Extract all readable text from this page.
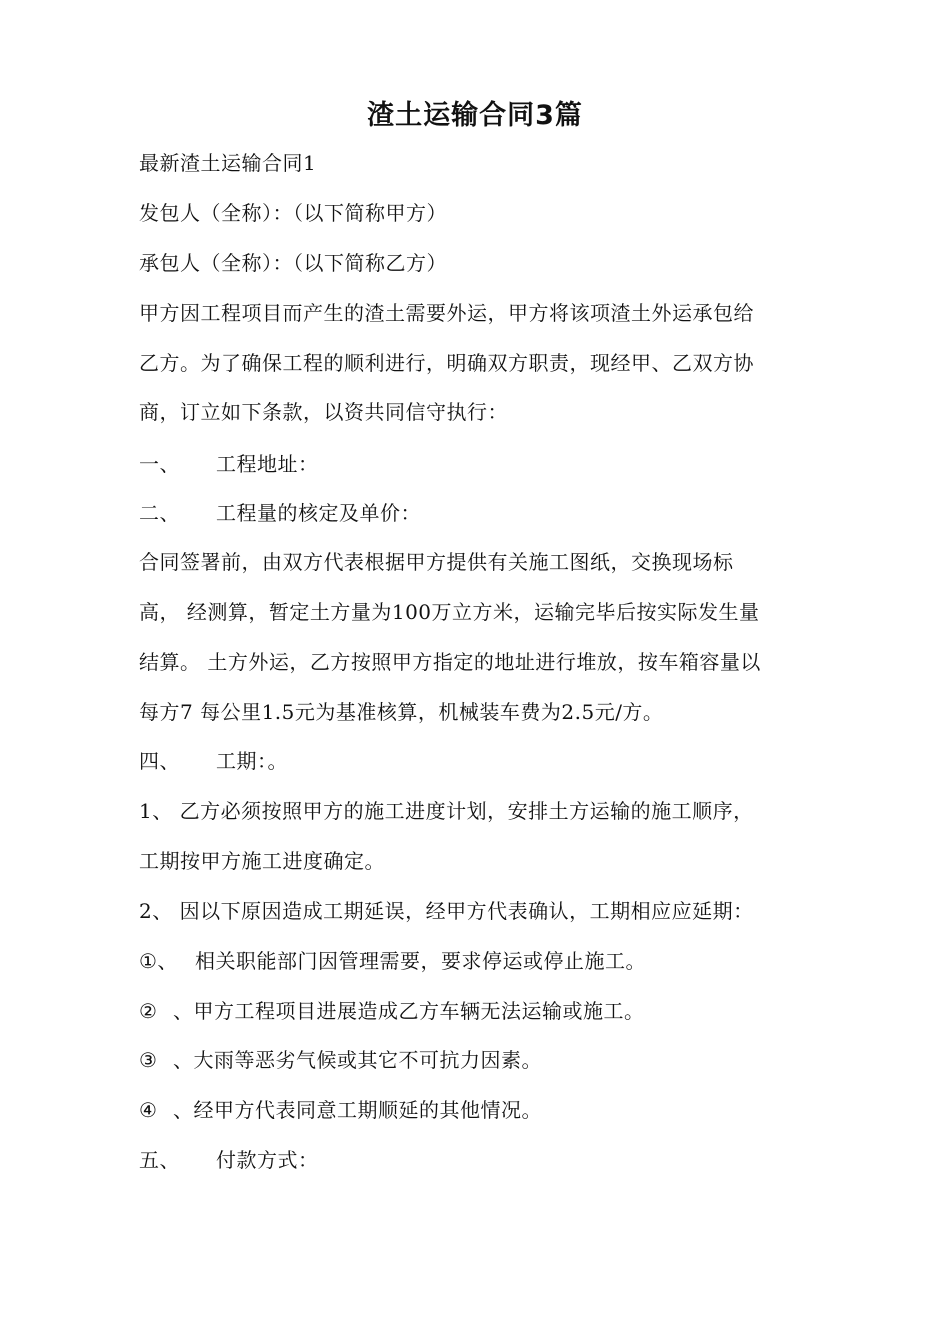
渣土运输合同3篇
最新渣土运输合同1
发包人（全称）：（以下简称甲方）
承包人（全称）：（以下简称乙方）
甲方因工程项目而产生的渣土需要外运，甲方将该项渣土外运承包给
乙方。为了确保工程的顺利进行，明确双方职责，现经甲、乙双方协
商，订立如下条款，以资共同信守执行：
一、 工程地址：
二、 工程量的核定及单价：
合同签署前，由双方代表根据甲方提供有关施工图纸，交换现场标
高， 经测算，暂定土方量为100万立方米，运输完毕后按实际发生量
结算。 土方外运，乙方按照甲方指定的地址进行堆放，按车箱容量以
每方7 每公里1.5元为基准核算，机械装车费为2.5元/方。
四、 工期：。
1、 乙方必须按照甲方的施工进度计划，安排土方运输的施工顺序，
工期按甲方施工进度确定。
2、 因以下原因造成工期延误，经甲方代表确认，工期相应应延期：
①、 相关职能部门因管理需要，要求停运或停止施工。
② 、甲方工程项目进展造成乙方车辆无法运输或施工。
③ 、大雨等恶劣气候或其它不可抗力因素。
④ 、经甲方代表同意工期顺延的其他情况。
五、 付款方式：
